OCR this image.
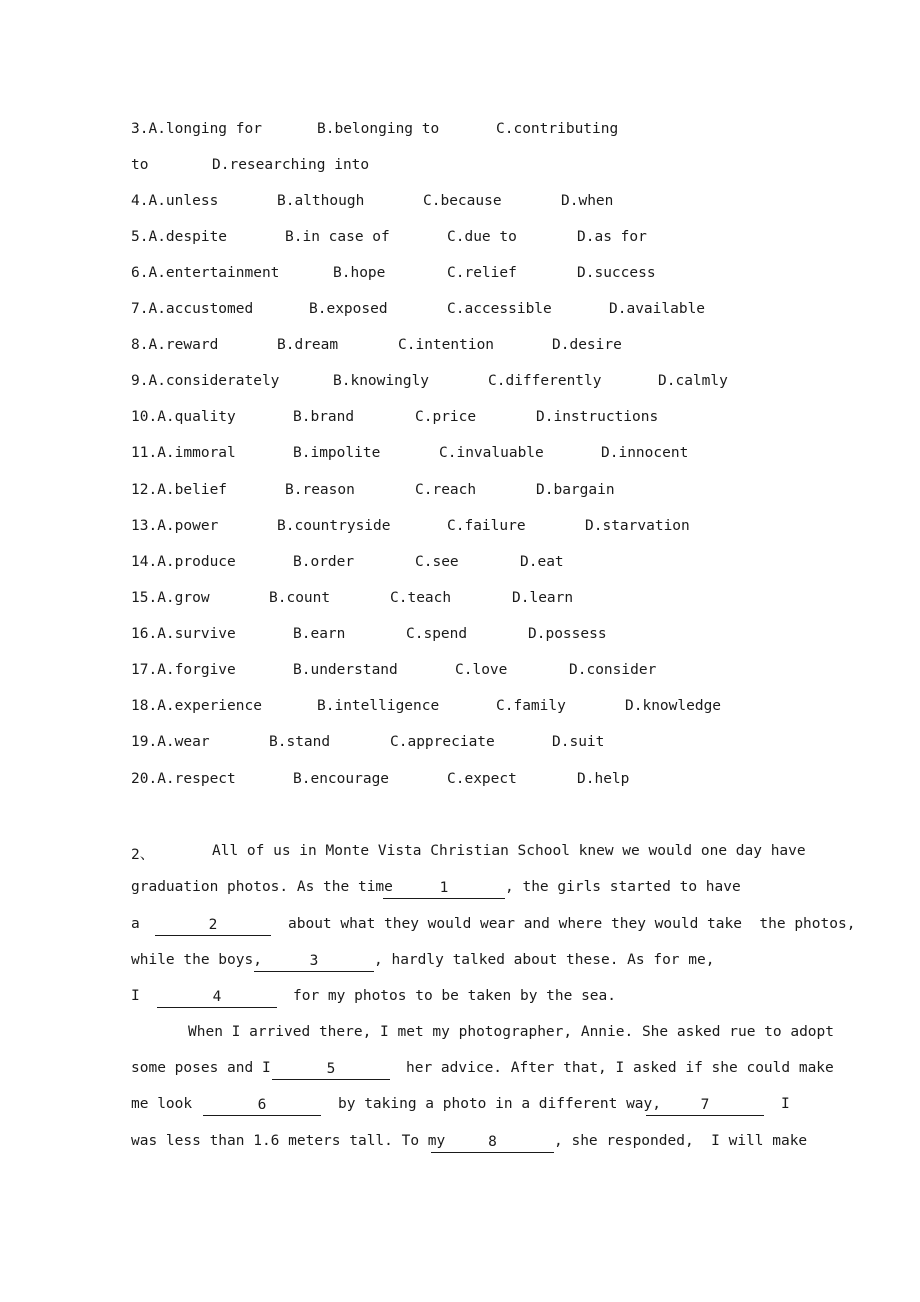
3.A.longing for

	B.belonging to

	C.contributing

to

	D.researching into

4.A.unless

	B.although

	C.because

	D.when

5.A.despite

	B.in case of

	C.due to

	D.as for

6.A.entertainment

	B.hope

	C.relief

	D.success

7.A.accustomed

	B.exposed

	C.accessible

	D.available

8.A.reward

	B.dream

	C.intention

	D.desire

9.A.considerately

	B.knowingly

	C.differently

	D.calmly

10.A.quality

	B.brand

	C.price

	D.instructions

11.A.immoral

	B.impolite

	C.invaluable

	D.innocent

12.A.belief

	B.reason

	C.reach

	D.bargain

13.A.power

	B.countryside

	C.failure

	D.starvation

14.A.produce

	B.order

	C.see

	D.eat

15.A.grow

	B.count

	C.teach

	D.learn

16.A.survive

	B.earn

	C.spend

	D.possess

17.A.forgive

	B.understand

	C.love

	D.consider

18.A.experience

	B.intelligence

	C.family

	D.knowledge

19.A.wear

	B.stand

	C.appreciate

	D.suit

20.A.respect

	B.encourage

	C.expect

	D.help

2、

	All of us in Monte Vista Christian School knew we would one day have

graduation photos. As the time

	1

	, the girls started to have

a

	2

	about what they would wear and where they would take  the photos,

while the boys,

	3

	, hardly talked about these. As for me,

I

	4

	for my photos to be taken by the sea.

When I arrived there, I met my photographer, Annie. She asked rue to adopt

some poses and I

	5

	her advice. After that, I asked if she could make

me look

	6

	by taking a photo in a different way,

	7

	I

was less than 1.6 meters tall. To my

	8

	, she responded,  I will make
